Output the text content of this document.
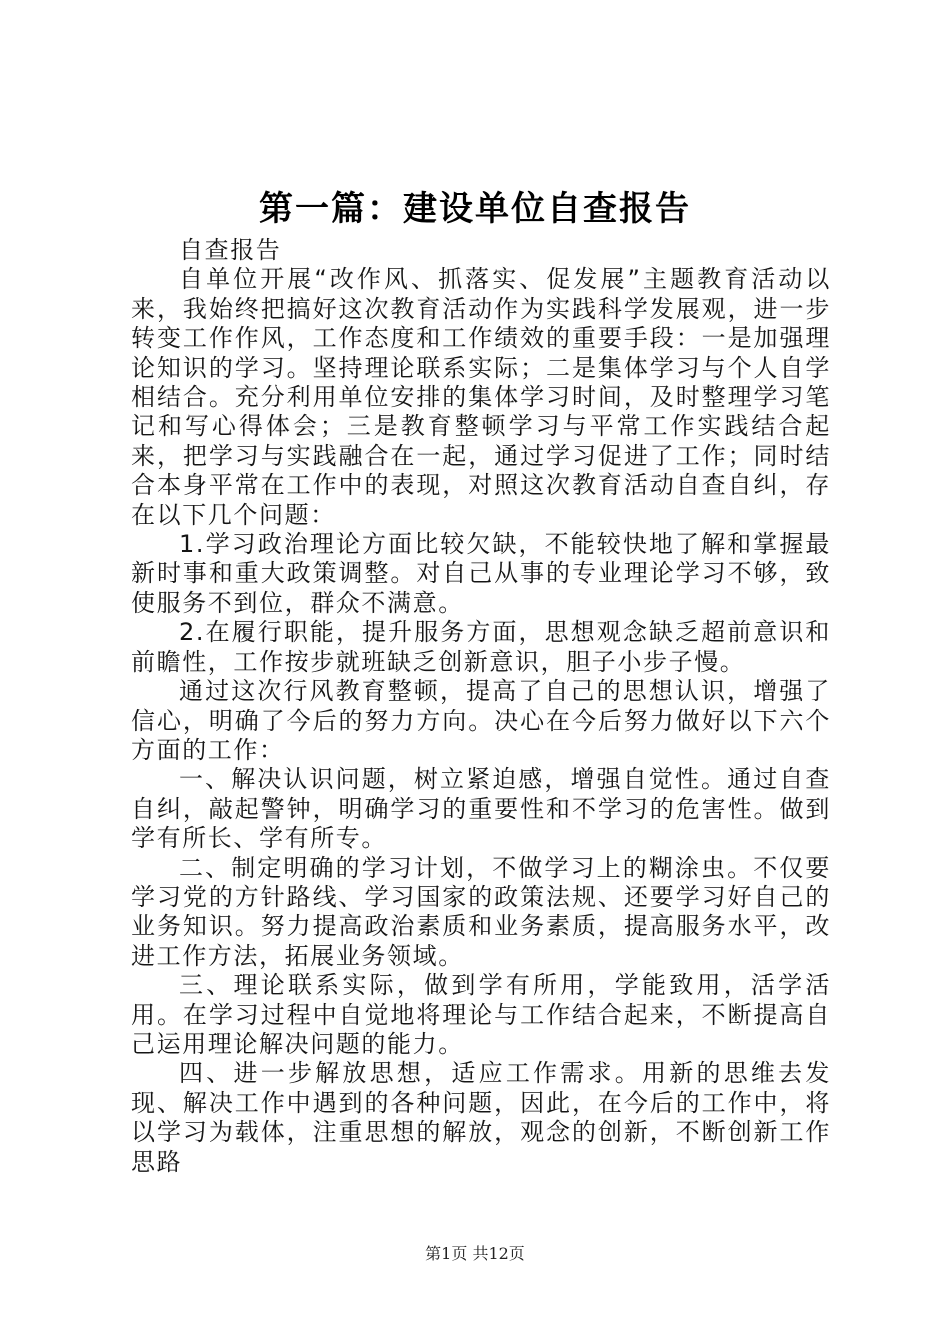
第一篇：建设单位自查报告

自查报告

自单位开展“改作风、抓落实、促发展”主题教育活动以来，我始终把搞好这次教育活动作为实践科学发展观，进一步转变工作作风，工作态度和工作绩效的重要手段：一是加强理论知识的学习。坚持理论联系实际；二是集体学习与个人自学相结合。充分利用单位安排的集体学习时间，及时整理学习笔记和写心得体会；三是教育整顿学习与平常工作实践结合起来，把学习与实践融合在一起，通过学习促进了工作；同时结合本身平常在工作中的表现，对照这次教育活动自查自纠，存在以下几个问题：

1.学习政治理论方面比较欠缺，不能较快地了解和掌握最新时事和重大政策调整。对自己从事的专业理论学习不够，致使服务不到位，群众不满意。

2.在履行职能，提升服务方面，思想观念缺乏超前意识和前瞻性，工作按步就班缺乏创新意识，胆子小步子慢。

通过这次行风教育整顿，提高了自己的思想认识，增强了信心，明确了今后的努力方向。决心在今后努力做好以下六个方面的工作：

一、解决认识问题，树立紧迫感，增强自觉性。通过自查自纠，敲起警钟，明确学习的重要性和不学习的危害性。做到学有所长、学有所专。

二、制定明确的学习计划，不做学习上的糊涂虫。不仅要学习党的方针路线、学习国家的政策法规、还要学习好自己的业务知识。努力提高政治素质和业务素质，提高服务水平，改进工作方法，拓展业务领域。

三、理论联系实际，做到学有所用，学能致用，活学活用。在学习过程中自觉地将理论与工作结合起来，不断提高自己运用理论解决问题的能力。

四、进一步解放思想，适应工作需求。用新的思维去发现、解决工作中遇到的各种问题，因此，在今后的工作中，将以学习为载体，注重思想的解放，观念的创新，不断创新工作思路

第1页 共12页
